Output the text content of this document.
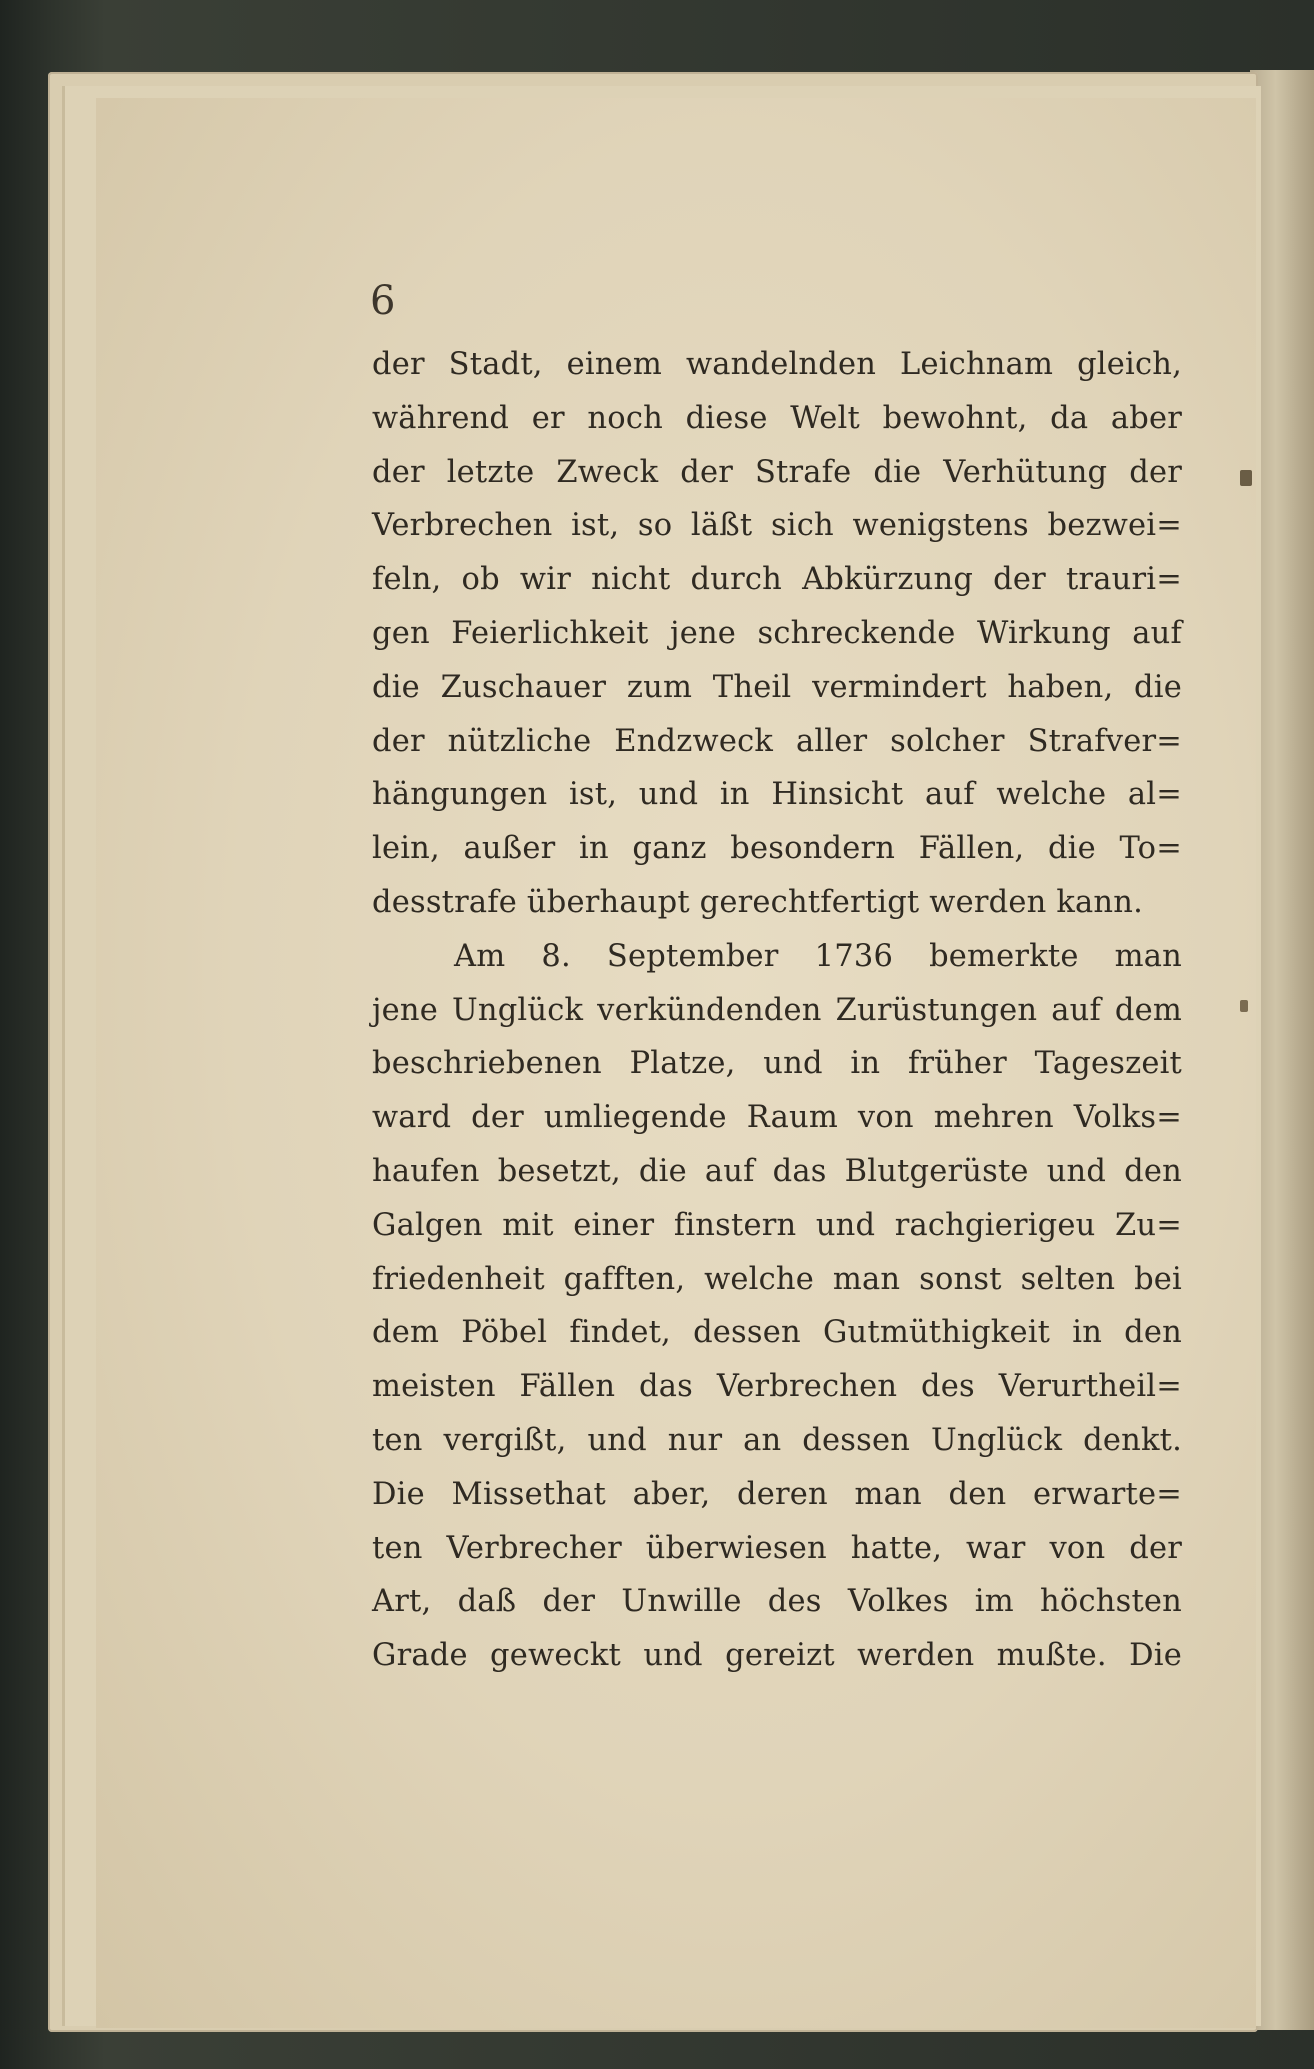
6

der Stadt, einem wandelnden Leichnam gleich,
während er noch diese Welt bewohnt, da aber
der letzte Zweck der Strafe die Verhütung der
Verbrechen ist, so läßt sich wenigstens bezwei=
feln, ob wir nicht durch Abkürzung der trauri=
gen Feierlichkeit jene schreckende Wirkung auf
die Zuschauer zum Theil vermindert haben, die
der nützliche Endzweck aller solcher Strafver=
hängungen ist, und in Hinsicht auf welche al=
lein, außer in ganz besondern Fällen, die To=
desstrafe überhaupt gerechtfertigt werden kann.
Am 8. September 1736 bemerkte man
jene Unglück verkündenden Zurüstungen auf dem
beschriebenen Platze, und in früher Tageszeit
ward der umliegende Raum von mehren Volks=
haufen besetzt, die auf das Blutgerüste und den
Galgen mit einer finstern und rachgierigeu Zu=
friedenheit gafften, welche man sonst selten bei
dem Pöbel findet, dessen Gutmüthigkeit in den
meisten Fällen das Verbrechen des Verurtheil=
ten vergißt, und nur an dessen Unglück denkt.
Die Missethat aber, deren man den erwarte=
ten Verbrecher überwiesen hatte, war von der
Art, daß der Unwille des Volkes im höchsten
Grade geweckt und gereizt werden mußte. Die
